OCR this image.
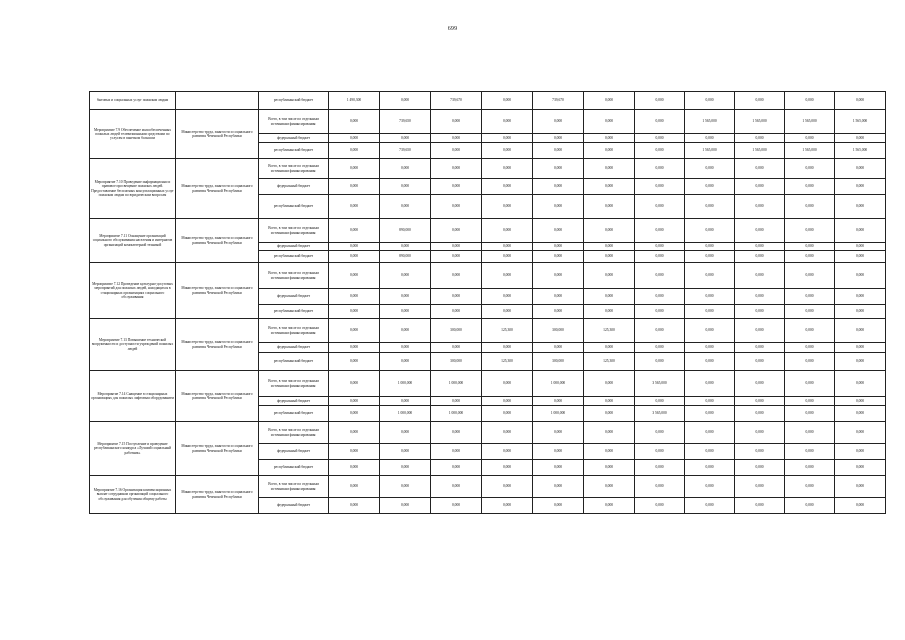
699
бытовых и социальных услуг пожилым людям		республиканский бюджет	1 490,300	0,000	739,670	0,000	739,670	0,000	0,000	0,000	0,000	0,000	0,000
Мероприятие 7.9 Обеспечение малообеспеченных пожилых людей телевизионными средствами по услугам в пакетном большом	Министерство труда, занятости и социального развития Чеченской Республики	Всего, в том числе по отдельным источникам финансирования:	0,000	739,650	0,000	0,000	0,000	0,000	0,000	1 565,000	1 565,000	1 565,000	1 565,000
		федеральный бюджет	0,000	0,000	0,000	0,000	0,000	0,000	0,000	0,000	0,000	0,000	0,000
		республиканский бюджет	0,000	739,650	0,000	0,000	0,000	0,000	0,000	1 565,000	1 565,000	1 565,000	1 565,000
Мероприятие 7.10 Проведение информационно и правовое просвещение пожилых людей. Предоставление бесплатных консультационных услуг пожилым людям по юридическим вопросам	Министерство труда, занятости и социального развития Чеченской Республики	Всего, в том числе по отдельным источникам финансирования:	0,000	0,000	0,000	0,000	0,000	0,000	0,000	0,000	0,000	0,000	0,000
		федеральный бюджет	0,000	0,000	0,000	0,000	0,000	0,000	0,000	0,000	0,000	0,000	0,000
		республиканский бюджет	0,000	0,000	0,000	0,000	0,000	0,000	0,000	0,000	0,000	0,000	0,000
Мероприятие 7.11 Оснащение организаций социального обслуживания населения и интернатов организаций компьютерной техникой	Министерство труда, занятости и социального развития Чеченской Республики	Всего, в том числе по отдельным источникам финансирования:	0,000	890,000	0,000	0,000	0,000	0,000	0,000	0,000	0,000	0,000	0,000
		федеральный бюджет	0,000	0,000	0,000	0,000	0,000	0,000	0,000	0,000	0,000	0,000	0,000
		республиканский бюджет	0,000	890,000	0,000	0,000	0,000	0,000	0,000	0,000	0,000	0,000	0,000
Мероприятие 7.12 Проведение культурно-досуговых мероприятий для пожилых людей, находящихся в стационарных организациях социального обслуживания	Министерство труда, занятости и социального развития Чеченской Республики	Всего, в том числе по отдельным источникам финансирования:	0,000	0,000	0,000	0,000	0,000	0,000	0,000	0,000	0,000	0,000	0,000
		федеральный бюджет	0,000	0,000	0,000	0,000	0,000	0,000	0,000	0,000	0,000	0,000	0,000
		республиканский бюджет	0,000	0,000	0,000	0,000	0,000	0,000	0,000	0,000	0,000	0,000	0,000
Мероприятие 7.13 Повышение технической вооруженности и доступности учреждений пожилых людей	Министерство труда, занятости и социального развития Чеченской Республики	Всего, в том числе по отдельным источникам финансирования:	0,000	0,000	300,000	125,300	300,000	125,300	0,000	0,000	0,000	0,000	0,000
		федеральный бюджет	0,000	0,000	0,000	0,000	0,000	0,000	0,000	0,000	0,000	0,000	0,000
		республиканский бюджет	0,000	0,000	300,000	125,300	300,000	125,300	0,000	0,000	0,000	0,000	0,000
Мероприятие 7.14 Снащение в стационарных организациях для пожилых лифтовым оборудованием	Министерство труда, занятости и социального развития Чеченской Республики	Всего, в том числе по отдельным источникам финансирования:	0,000	1 000,000	1 000,000	0,000	1 000,000	0,000	3 565,000	0,000	0,000	0,000	0,000
		федеральный бюджет	0,000	0,000	0,000	0,000	0,000	0,000	0,000	0,000	0,000	0,000	0,000
		республиканский бюджет	0,000	1 000,000	1 000,000	0,000	1 000,000	0,000	3 565,000	0,000	0,000	0,000	0,000
Мероприятие 7.15 Поступление и проведение республиканского конкурса «Лучший социальный работник»	Министерство труда, занятости и социального развития Чеченской Республики	Всего, в том числе по отдельным источникам финансирования:	0,000	0,000	0,000	0,000	0,000	0,000	0,000	0,000	0,000	0,000	0,000
		федеральный бюджет	0,000	0,000	0,000	0,000	0,000	0,000	0,000	0,000	0,000	0,000	0,000
		республиканский бюджет	0,000	0,000	0,000	0,000	0,000	0,000	0,000	0,000	0,000	0,000	0,000
Мероприятие 7.16 Организация компенсационных выплат сотрудникам организаций социального обслуживания для обучения общему работы	Министерство труда, занятости и социального развития Чеченской Республики	Всего, в том числе по отдельным источникам финансирования:	0,000	0,000	0,000	0,000	0,000	0,000	0,000	0,000	0,000	0,000	0,000
		федеральный бюджет	0,000	0,000	0,000	0,000	0,000	0,000	0,000	0,000	0,000	0,000	0,000
